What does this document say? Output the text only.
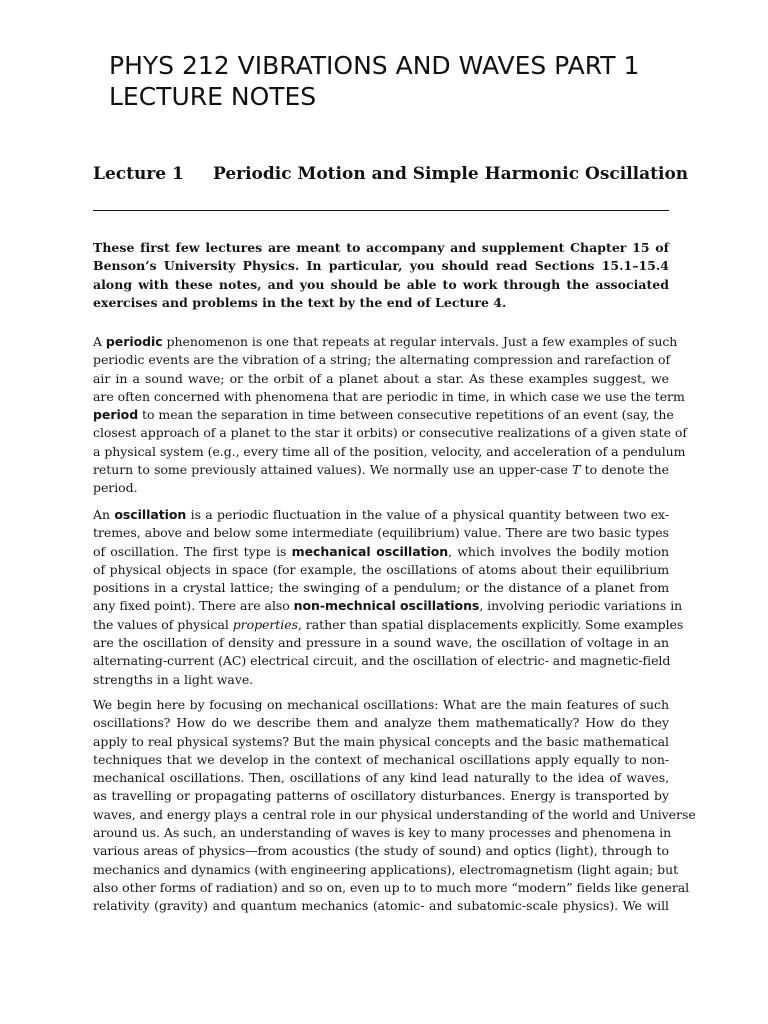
PHYS 212 VIBRATIONS AND WAVES PART 1
LECTURE NOTES
Lecture 1 Periodic Motion and Simple Harmonic Oscillation

These first few lectures are meant to accompany and supplement Chapter 15 of
Benson’s University Physics. In particular, you should read Sections 15.1–15.4
along with these notes, and you should be able to work through the associated
exercises and problems in the text by the end of Lecture 4.

A periodic phenomenon is one that repeats at regular intervals. Just a few examples of such
periodic events are the vibration of a string; the alternating compression and rarefaction of
air in a sound wave; or the orbit of a planet about a star. As these examples suggest, we
are often concerned with phenomena that are periodic in time, in which case we use the term
period to mean the separation in time between consecutive repetitions of an event (say, the
closest approach of a planet to the star it orbits) or consecutive realizations of a given state of
a physical system (e.g., every time all of the position, velocity, and acceleration of a pendulum
return to some previously attained values). We normally use an upper-case T to denote the
period.

An oscillation is a periodic fluctuation in the value of a physical quantity between two ex-
tremes, above and below some intermediate (equilibrium) value. There are two basic types
of oscillation. The first type is mechanical oscillation, which involves the bodily motion
of physical objects in space (for example, the oscillations of atoms about their equilibrium
positions in a crystal lattice; the swinging of a pendulum; or the distance of a planet from
any fixed point). There are also non-mechnical oscillations, involving periodic variations in
the values of physical properties, rather than spatial displacements explicitly. Some examples
are the oscillation of density and pressure in a sound wave, the oscillation of voltage in an
alternating-current (AC) electrical circuit, and the oscillation of electric- and magnetic-field
strengths in a light wave.

We begin here by focusing on mechanical oscillations: What are the main features of such
oscillations? How do we describe them and analyze them mathematically? How do they
apply to real physical systems? But the main physical concepts and the basic mathematical
techniques that we develop in the context of mechanical oscillations apply equally to non-
mechanical oscillations. Then, oscillations of any kind lead naturally to the idea of waves,
as travelling or propagating patterns of oscillatory disturbances. Energy is transported by
waves, and energy plays a central role in our physical understanding of the world and Universe
around us. As such, an understanding of waves is key to many processes and phenomena in
various areas of physics—from acoustics (the study of sound) and optics (light), through to
mechanics and dynamics (with engineering applications), electromagnetism (light again; but
also other forms of radiation) and so on, even up to to much more “modern” fields like general
relativity (gravity) and quantum mechanics (atomic- and subatomic-scale physics). We will
